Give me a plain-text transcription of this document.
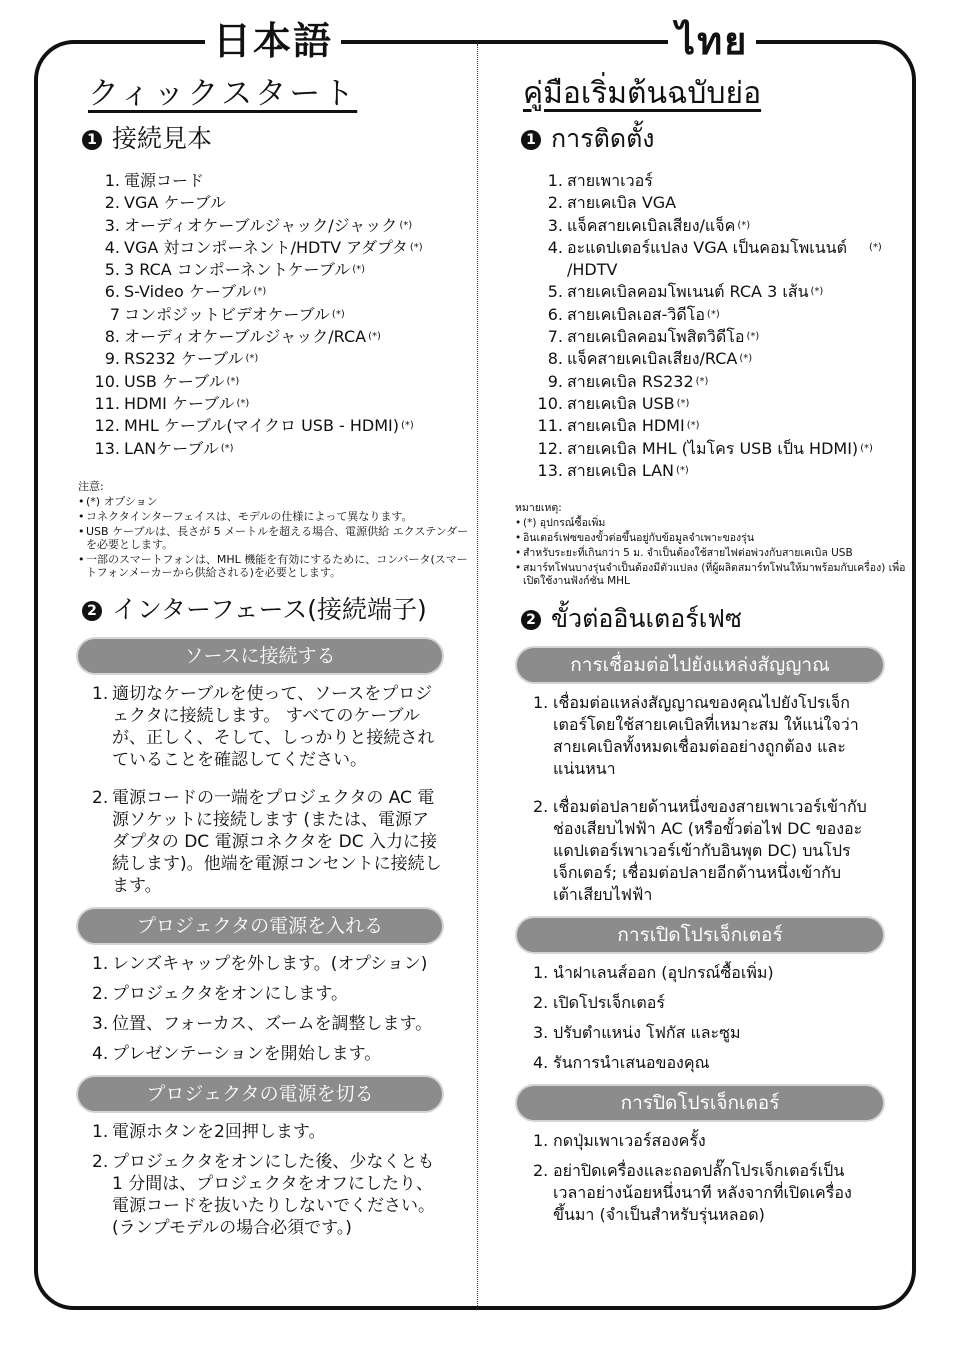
日本語	ไทย
クィックスタート
1 接続見本
1. 電源コード
2. VGA ケーブル
3. オーディオケーブルジャック/ジャック (*)
4. VGA 対コンポーネント/HDTV アダプタ (*)
5. 3 RCA コンポーネントケーブル (*)
6. S-Video ケーブル (*)
7 コンポジットビデオケーブル (*)
8. オーディオケーブルジャック/RCA (*)
9. RS232 ケーブル (*)
10. USB ケーブル (*)
11. HDMI ケーブル (*)
12. MHL ケーブル(マイクロ USB - HDMI) (*)
13. LANケーブル (*)
注意:
• (*) オプション
• コネクタインターフェイスは、モデルの仕様によって異なります。
• USB ケーブルは、長さが 5 メートルを超える場合、電源供給 エクステンダーを必要とします。
• 一部のスマートフォンは、MHL 機能を有効にするために、コンバータ(スマートフォンメーカーから供給される)を必要とします。
2 インターフェース(接続端子)
ソースに接続する
1. 適切なケーブルを使って、ソースをプロジェクタに接続します。 すべてのケーブルが、正しく、そして、しっかりと接続されていることを確認してください。
2. 電源コードの一端をプロジェクタの AC 電源ソケットに接続します (または、電源アダプタの DC 電源コネクタを DC 入力に接続します)。他端を電源コンセントに接続します。
プロジェクタの電源を入れる
1. レンズキャップを外します。(オプション)
2. プロジェクタをオンにします。
3. 位置、フォーカス、ズームを調整します。
4. プレゼンテーションを開始します。
プロジェクタの電源を切る
1. 電源ホタンを2回押します。
2. プロジェクタをオンにした後、少なくとも 1 分間は、プロジェクタをオフにしたり、電源コードを抜いたりしないでください。(ランプモデルの場合必須です。)
คู่มือเริ่มต้นฉบับย่อ
1 การติดตั้ง
1. สายเพาเวอร์
2. สายเคเบิล VGA
3. แจ็คสายเคเบิลเสียง/แจ็ค (*)
4. อะแดปเตอร์แปลง VGA เป็นคอมโพเนนต์ /HDTV
(*)
5. สายเคเบิลคอมโพเนนต์ RCA 3 เส้น (*)
6. สายเคเบิลเอส-วิดีโอ (*)
7. สายเคเบิลคอมโพสิตวิดีโอ (*)
8. แจ็คสายเคเบิลเสียง/RCA (*)
9. สายเคเบิล RS232 (*)
10. สายเคเบิล USB (*)
11. สายเคเบิล HDMI (*)
12. สายเคเบิล MHL (ไมโคร USB เป็น HDMI) (*)
13. สายเคเบิล LAN (*)
หมายเหตุ:
• (*) อุปกรณ์ซื้อเพิ่ม
• อินเตอร์เฟซของขั้วต่อขึ้นอยู่กับข้อมูลจำเพาะของรุ่น
• สำหรับระยะที่เกินกว่า 5 ม. จำเป็นต้องใช้สายไฟต่อพ่วงกับสายเคเบิล USB
• สมาร์ทโฟนบางรุ่นจำเป็นต้องมีตัวแปลง (ที่ผู้ผลิตสมาร์ทโฟนให้มาพร้อมกับเครื่อง) เพื่อเปิดใช้งานฟังก์ชัน MHL
2 ขั้วต่ออินเตอร์เฟซ
การเชื่อมต่อไปยังแหล่งสัญญาณ
1. เชื่อมต่อแหล่งสัญญาณของคุณไปยังโปรเจ็กเตอร์โดยใช้สายเคเบิลที่เหมาะสม ให้แน่ใจว่าสายเคเบิลทั้งหมดเชื่อมต่ออย่างถูกต้อง และ แน่นหนา
2. เชื่อมต่อปลายด้านหนึ่งของสายเพาเวอร์เข้ากับช่องเสียบไฟฟ้า AC (หรือขั้วต่อไฟ DC ของอะแดปเตอร์เพาเวอร์เข้ากับอินพุต DC) บนโปรเจ็กเตอร์; เชื่อมต่อปลายอีกด้านหนึ่งเข้ากับเต้าเสียบไฟฟ้า
การเปิดโปรเจ็กเตอร์
1. นำฝาเลนส์ออก (อุปกรณ์ซื้อเพิ่ม)
2. เปิดโปรเจ็กเตอร์
3. ปรับตำแหน่ง โฟกัส และซูม
4. รันการนำเสนอของคุณ
การปิดโปรเจ็กเตอร์
1. กดปุ่มเพาเวอร์สองครั้ง
2. อย่าปิดเครื่องและถอดปลั๊กโปรเจ็กเตอร์เป็นเวลาอย่างน้อยหนึ่งนาที หลังจากที่เปิดเครื่องขึ้นมา (จำเป็นสำหรับรุ่นหลอด)
